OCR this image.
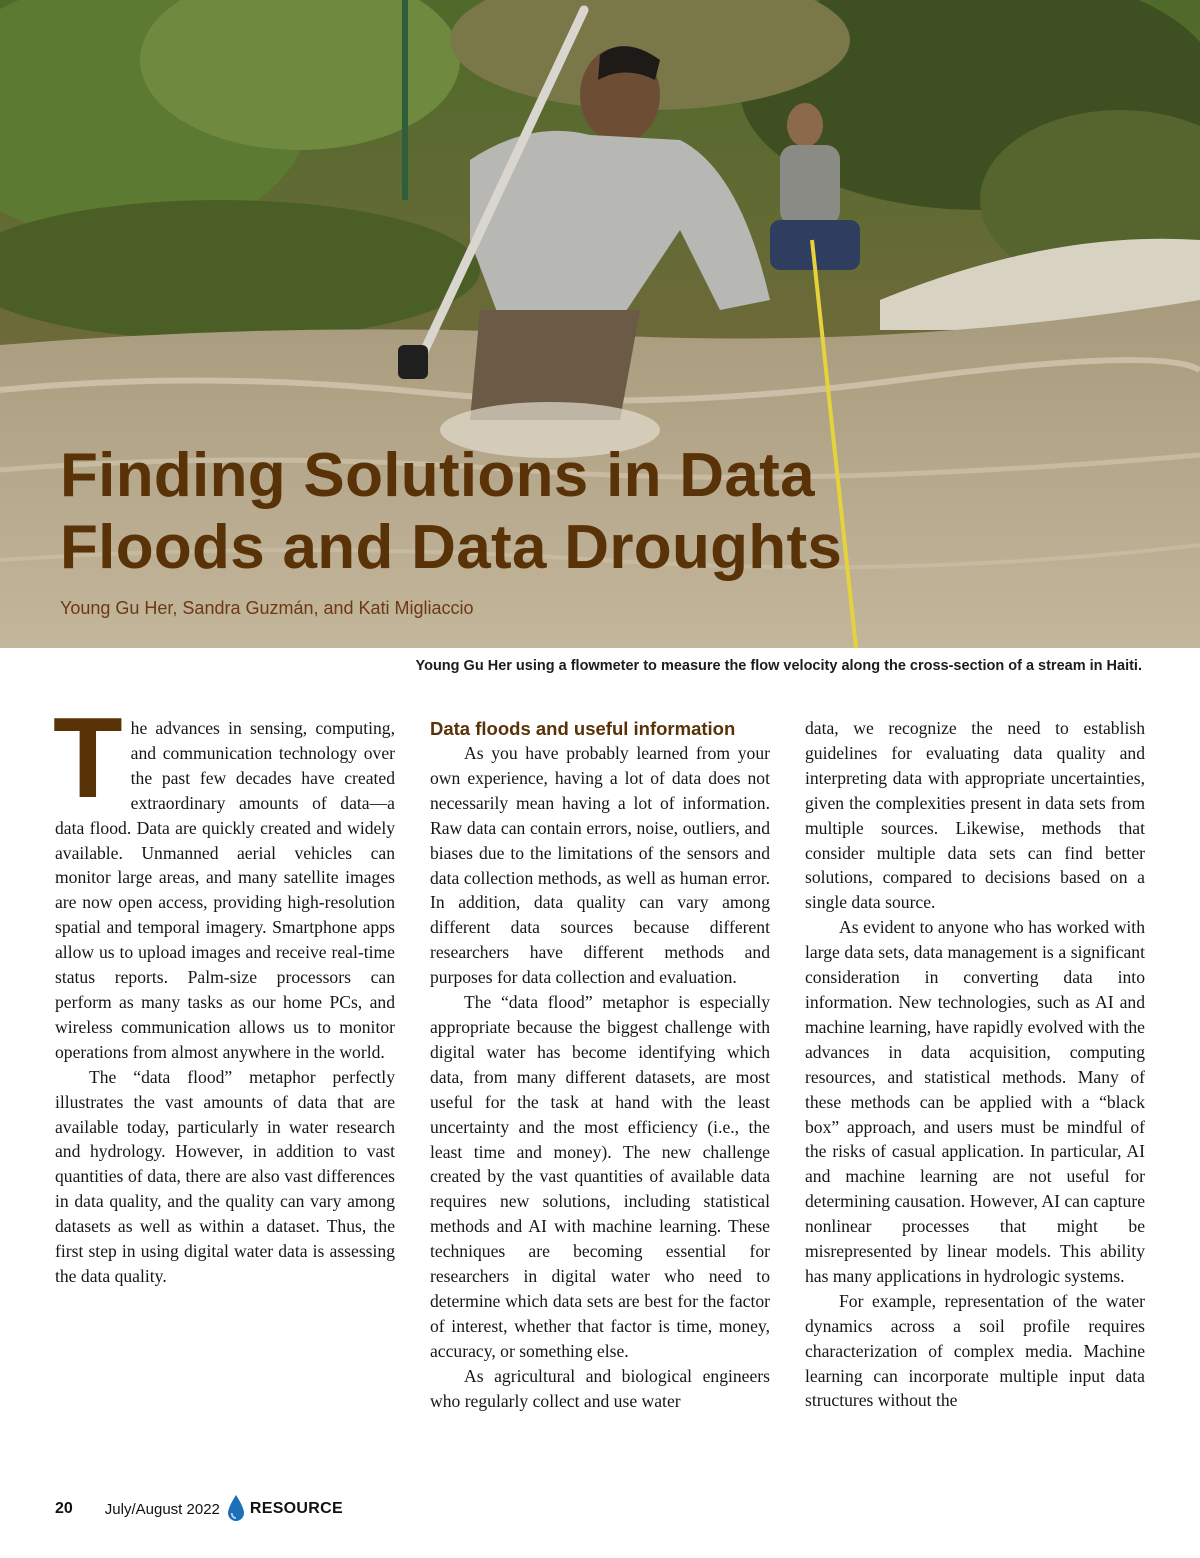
Finding Solutions in Data
Floods and Data Droughts
Young Gu Her, Sandra Guzmán, and Kati Migliaccio
Young Gu Her using a flowmeter to measure the flow velocity along the cross-section of a stream in Haiti.

The advances in sensing, computing, and communication technology over the past few decades have created extraordinary amounts of data—a data flood. Data are quickly created and widely available. Unmanned aerial vehicles can monitor large areas, and many satellite images are now open access, providing high-resolution spatial and temporal imagery. Smartphone apps allow us to upload images and receive real-time status reports. Palm-size processors can perform as many tasks as our home PCs, and wireless communication allows us to monitor operations from almost anywhere in the world.

The “data flood” metaphor perfectly illustrates the vast amounts of data that are available today, particularly in water research and hydrology. However, in addition to vast quantities of data, there are also vast differences in data quality, and the quality can vary among datasets as well as within a dataset. Thus, the first step in using digital water data is assessing the data quality.

Data floods and useful information

As you have probably learned from your own experience, having a lot of data does not necessarily mean having a lot of information. Raw data can contain errors, noise, outliers, and biases due to the limitations of the sensors and data collection methods, as well as human error. In addition, data quality can vary among different data sources because different researchers have different methods and purposes for data collection and evaluation.

The “data flood” metaphor is especially appropriate because the biggest challenge with digital water has become identifying which data, from many different datasets, are most useful for the task at hand with the least uncertainty and the most efficiency (i.e., the least time and money). The new challenge created by the vast quantities of available data requires new solutions, including statistical methods and AI with machine learning. These techniques are becoming essential for researchers in digital water who need to determine which data sets are best for the factor of interest, whether that factor is time, money, accuracy, or something else.

As agricultural and biological engineers who regularly collect and use water

data, we recognize the need to establish guidelines for evaluating data quality and interpreting data with appropriate uncertainties, given the complexities present in data sets from multiple sources. Likewise, methods that consider multiple data sets can find better solutions, compared to decisions based on a single data source.

As evident to anyone who has worked with large data sets, data management is a significant consideration in converting data into information. New technologies, such as AI and machine learning, have rapidly evolved with the advances in data acquisition, computing resources, and statistical methods. Many of these methods can be applied with a “black box” approach, and users must be mindful of the risks of casual application. In particular, AI and machine learning are not useful for determining causation. However, AI can capture nonlinear processes that might be misrepresented by linear models. This ability has many applications in hydrologic systems.

For example, representation of the water dynamics across a soil profile requires characterization of complex media. Machine learning can incorporate multiple input data structures without the

20 July/August 2022 RESOURCE
